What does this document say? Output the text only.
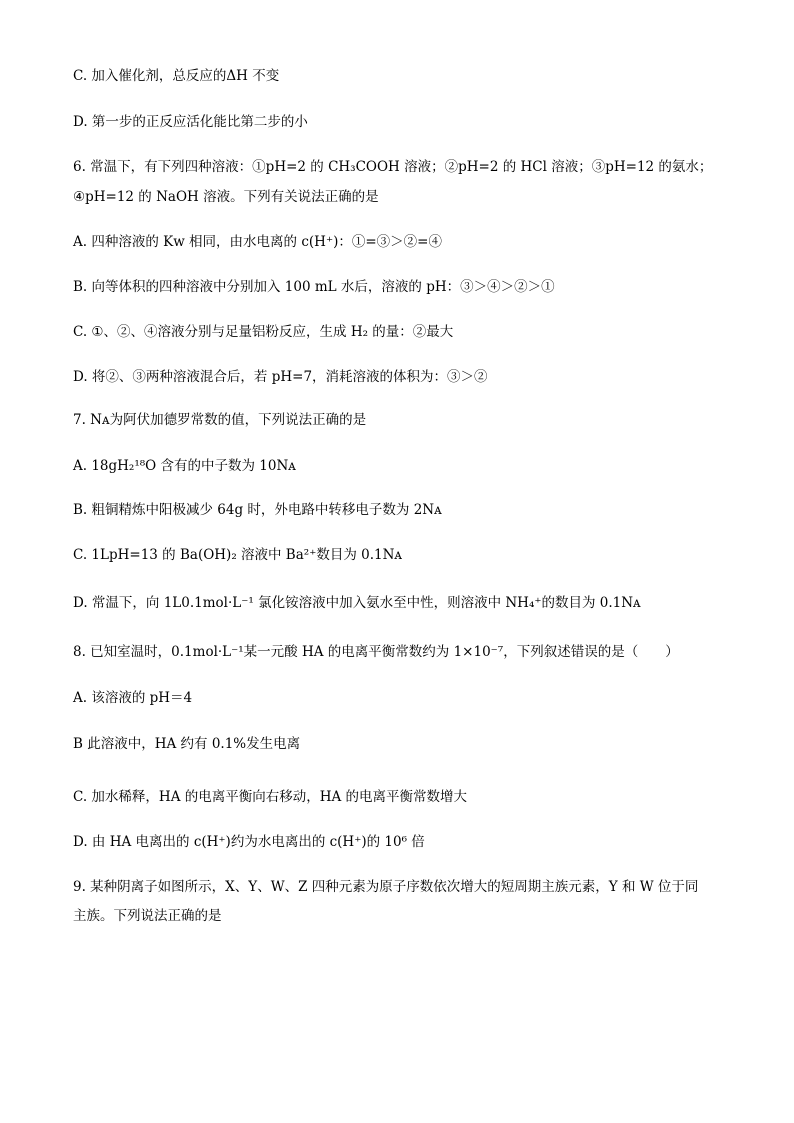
C. 加入催化剂，总反应的ΔH 不变
D. 第一步的正反应活化能比第二步的小
6. 常温下，有下列四种溶液：①pH=2 的 CH₃COOH 溶液；②pH=2 的 HCl 溶液；③pH=12 的氨水；
④pH=12 的 NaOH 溶液。下列有关说法正确的是
A. 四种溶液的 Kw 相同，由水电离的 c(H⁺)：①=③＞②=④
B. 向等体积的四种溶液中分别加入 100 mL 水后，溶液的 pH：③＞④＞②＞①
C. ①、②、④溶液分别与足量铝粉反应，生成 H₂ 的量：②最大
D. 将②、③两种溶液混合后，若 pH=7，消耗溶液的体积为：③＞②
7. Nᴀ为阿伏加德罗常数的值，下列说法正确的是
A. 18gH₂¹⁸O 含有的中子数为 10Nᴀ
B. 粗铜精炼中阳极减少 64g 时，外电路中转移电子数为 2Nᴀ
C. 1LpH=13 的 Ba(OH)₂ 溶液中 Ba²⁺数目为 0.1Nᴀ
D. 常温下，向 1L0.1mol·L⁻¹ 氯化铵溶液中加入氨水至中性，则溶液中 NH₄⁺的数目为 0.1Nᴀ
8. 已知室温时，0.1mol·L⁻¹某一元酸 HA 的电离平衡常数约为 1×10⁻⁷，下列叙述错误的是（　　）
A. 该溶液的 pH＝4
B 此溶液中，HA 约有 0.1%发生电离
C. 加水稀释，HA 的电离平衡向右移动，HA 的电离平衡常数增大
D. 由 HA 电离出的 c(H⁺)约为水电离出的 c(H⁺)的 10⁶ 倍
9. 某种阴离子如图所示，X、Y、W、Z 四种元素为原子序数依次增大的短周期主族元素，Y 和 W 位于同
主族。下列说法正确的是
